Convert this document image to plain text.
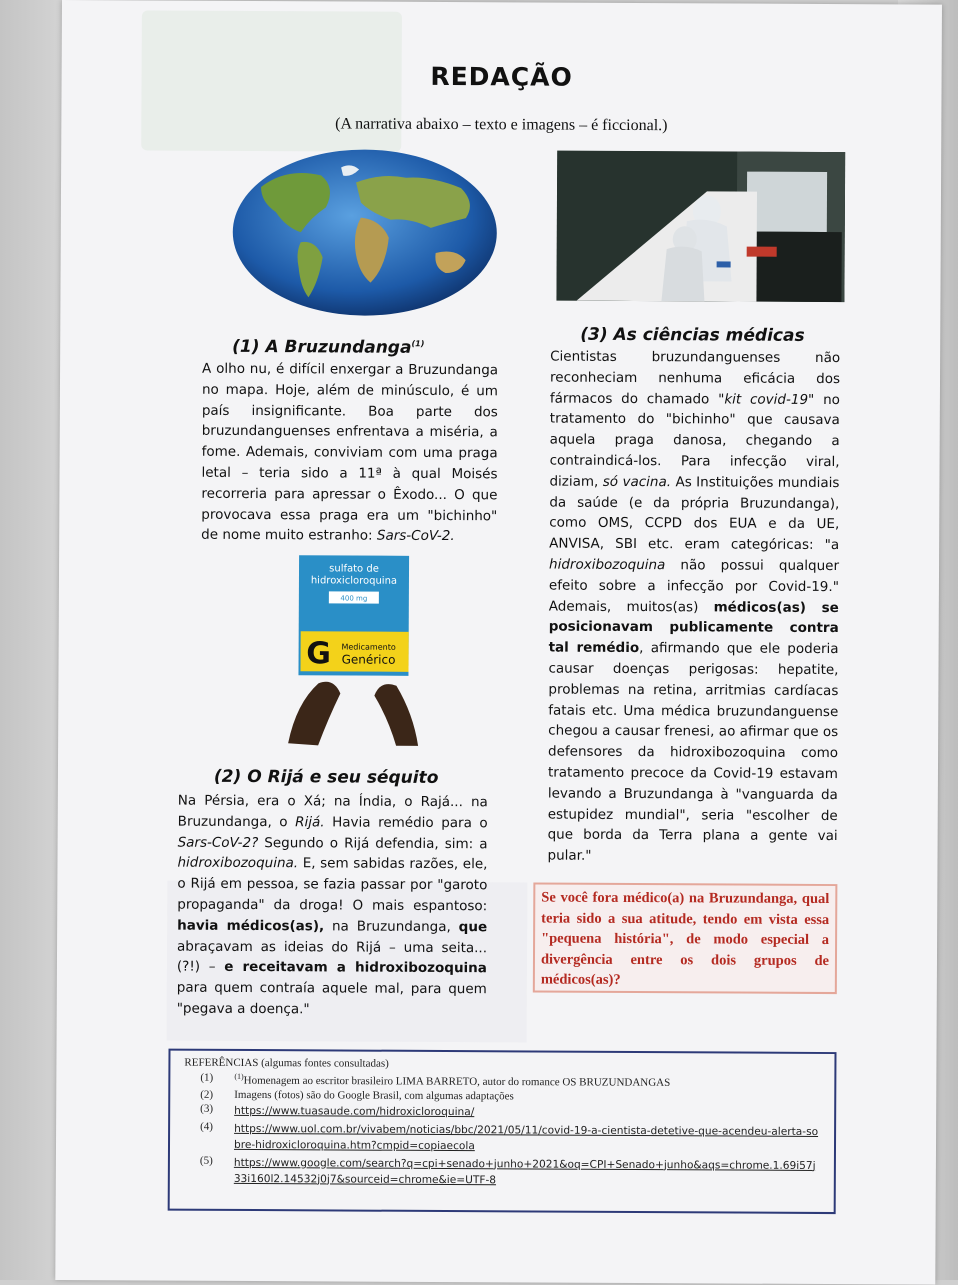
REDAÇÃO
(A narrativa abaixo – texto e imagens – é ficcional.)
(1) A Bruzundanga$^{(1)}$

A olho nu, é difícil enxergar a Bruzundanga no mapa. Hoje, além de minúsculo, é um país insignificante. Boa parte dos bruzundanguenses enfrentava a miséria, a fome. Ademais, conviviam com uma praga letal – teria sido a 11ª à qual Moisés recorreria para apressar o Êxodo... O que provocava essa praga era um "bichinho" de nome muito estranho: Sars-CoV-2.

sulfato de
hidroxicloroquina
400 mg
G Medicamento
Genérico
(2) O Rijá e seu séquito

Na Pérsia, era o Xá; na Índia, o Rajá... na Bruzundanga, o Rijá. Havia remédio para o Sars-CoV-2? Segundo o Rijá defendia, sim: a hidroxibozoquina. E, sem sabidas razões, ele, o Rijá em pessoa, se fazia passar por "garoto propaganda" da droga! O mais espantoso: havia médicos(as), na Bruzundanga, que abraçavam as ideias do Rijá – uma seita... (?!) – e receitavam a hidroxibozoquina para quem contraía aquele mal, para quem "pegava a doença."

(3) As ciências médicas

Cientistas bruzundanguenses não reconheciam nenhuma eficácia dos fármacos do chamado "kit covid-19" no tratamento do "bichinho" que causava aquela praga danosa, chegando a contraindicá-los. Para infecção viral, diziam, só vacina. As Instituições mundiais da saúde (e da própria Bruzundanga), como OMS, CCPD dos EUA e da UE, ANVISA, SBI etc. eram categóricas: "a hidroxibozoquina não possui qualquer efeito sobre a infecção por Covid-19." Ademais, muitos(as) médicos(as) se posicionavam publicamente contra tal remédio, afirmando que ele poderia causar doenças perigosas: hepatite, problemas na retina, arritmias cardíacas fatais etc. Uma médica bruzundanguense chegou a causar frenesi, ao afirmar que os defensores da hidroxibozoquina como tratamento precoce da Covid-19 estavam levando a Bruzundanga à "vanguarda da estupidez mundial", seria "escolher de que borda da Terra plana a gente vai pular."

Se você fora médico(a) na Bruzundanga, qual teria sido a sua atitude, tendo em vista essa "pequena história", de modo especial a divergência entre os dois grupos de médicos(as)?
REFERÊNCIAS (algumas fontes consultadas)
(1)	$^{(1)}$Homenagem ao escritor brasileiro LIMA BARRETO, autor do romance OS BRUZUNDANGAS
(2)	Imagens (fotos) são do Google Brasil, com algumas adaptações
(3)	https://www.tuasaude.com/hidroxicloroquina/
(4)	https://www.uol.com.br/vivabem/noticias/bbc/2021/05/11/covid-19-a-cientista-detetive-que-acendeu-alerta-sobre-hidroxicloroquina.htm?cmpid=copiaecola
(5)	https://www.google.com/search?q=cpi+senado+junho+2021&oq=CPI+Senado+junho&aqs=chrome.1.69i57j33i160l2.14532j0j7&sourceid=chrome&ie=UTF-8
